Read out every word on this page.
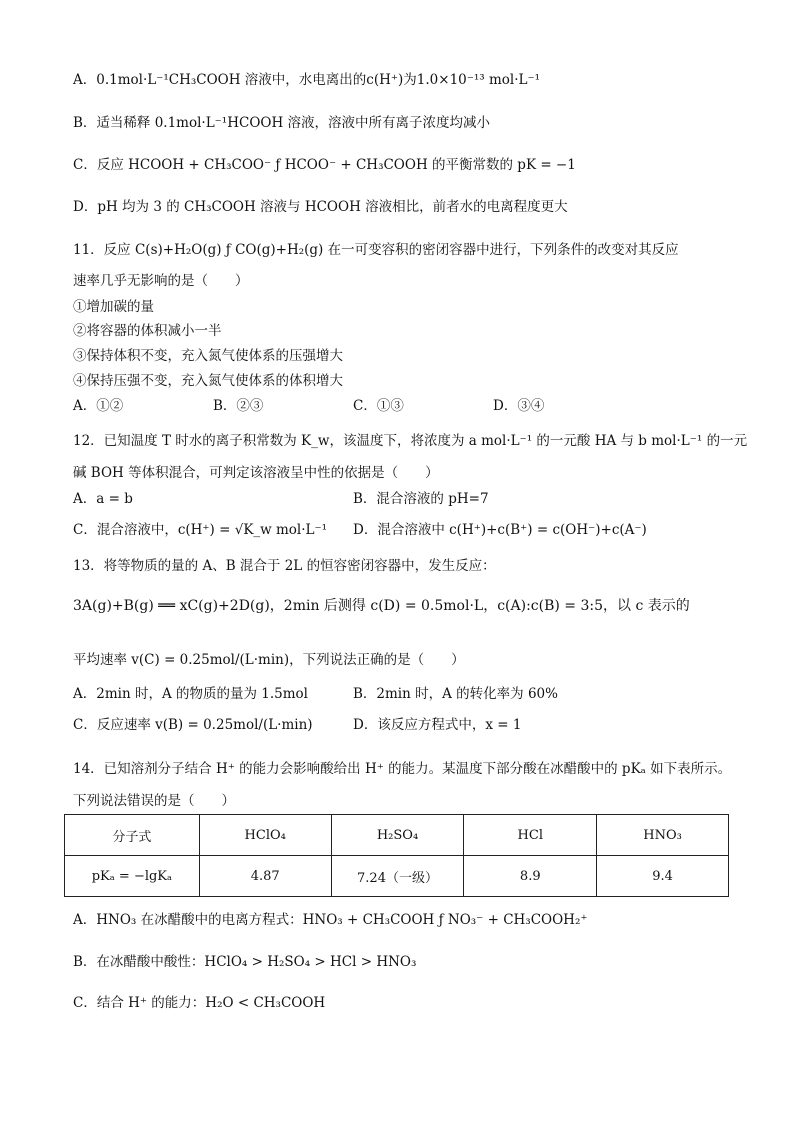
A．0.1mol·L⁻¹CH₃COOH 溶液中，水电离出的c(H⁺)为1.0×10⁻¹³ mol·L⁻¹
B．适当稀释 0.1mol·L⁻¹HCOOH 溶液，溶液中所有离子浓度均减小
C．反应 HCOOH + CH₃COO⁻ ƒ HCOO⁻ + CH₃COOH 的平衡常数的 pK = −1
D．pH 均为 3 的 CH₃COOH 溶液与 HCOOH 溶液相比，前者水的电离程度更大
11．反应 C(s)+H₂O(g) ƒ CO(g)+H₂(g) 在一可变容积的密闭容器中进行，下列条件的改变对其反应
速率几乎无影响的是（　　）
①增加碳的量
②将容器的体积减小一半
③保持体积不变，充入氮气使体系的压强增大
④保持压强不变，充入氮气使体系的体积增大
A．①②	B．②③	C．①③	D．③④
12．已知温度 T 时水的离子积常数为 K_w，该温度下，将浓度为 a mol·L⁻¹ 的一元酸 HA 与 b mol·L⁻¹ 的一元
碱 BOH 等体积混合，可判定该溶液呈中性的依据是（　　）
A．a = b	B．混合溶液的 pH=7
C．混合溶液中，c(H⁺) = √K_w mol·L⁻¹ D．混合溶液中 c(H⁺)+c(B⁺) = c(OH⁻)+c(A⁻)
13．将等物质的量的 A、B 混合于 2L 的恒容密闭容器中，发生反应：
3A(g)+B(g) ══ xC(g)+2D(g)，2min 后测得 c(D) = 0.5mol·L，c(A):c(B) = 3:5，以 c 表示的
平均速率 v(C) = 0.25mol/(L·min)，下列说法正确的是（　　）
A．2min 时，A 的物质的量为 1.5mol	B．2min 时，A 的转化率为 60%
C．反应速率 v(B) = 0.25mol/(L·min)	D．该反应方程式中，x = 1
14．已知溶剂分子结合 H⁺ 的能力会影响酸给出 H⁺ 的能力。某温度下部分酸在冰醋酸中的 pKₐ 如下表所示。
下列说法错误的是（　　）
分子式	HClO₄	H₂SO₄	HCl	HNO₃
pKₐ = −lgKₐ	4.87	7.24（一级）	8.9	9.4
A．HNO₃ 在冰醋酸中的电离方程式：HNO₃ + CH₃COOH ƒ NO₃⁻ + CH₃COOH₂⁺
B．在冰醋酸中酸性：HClO₄ > H₂SO₄ > HCl > HNO₃
C．结合 H⁺ 的能力：H₂O < CH₃COOH
